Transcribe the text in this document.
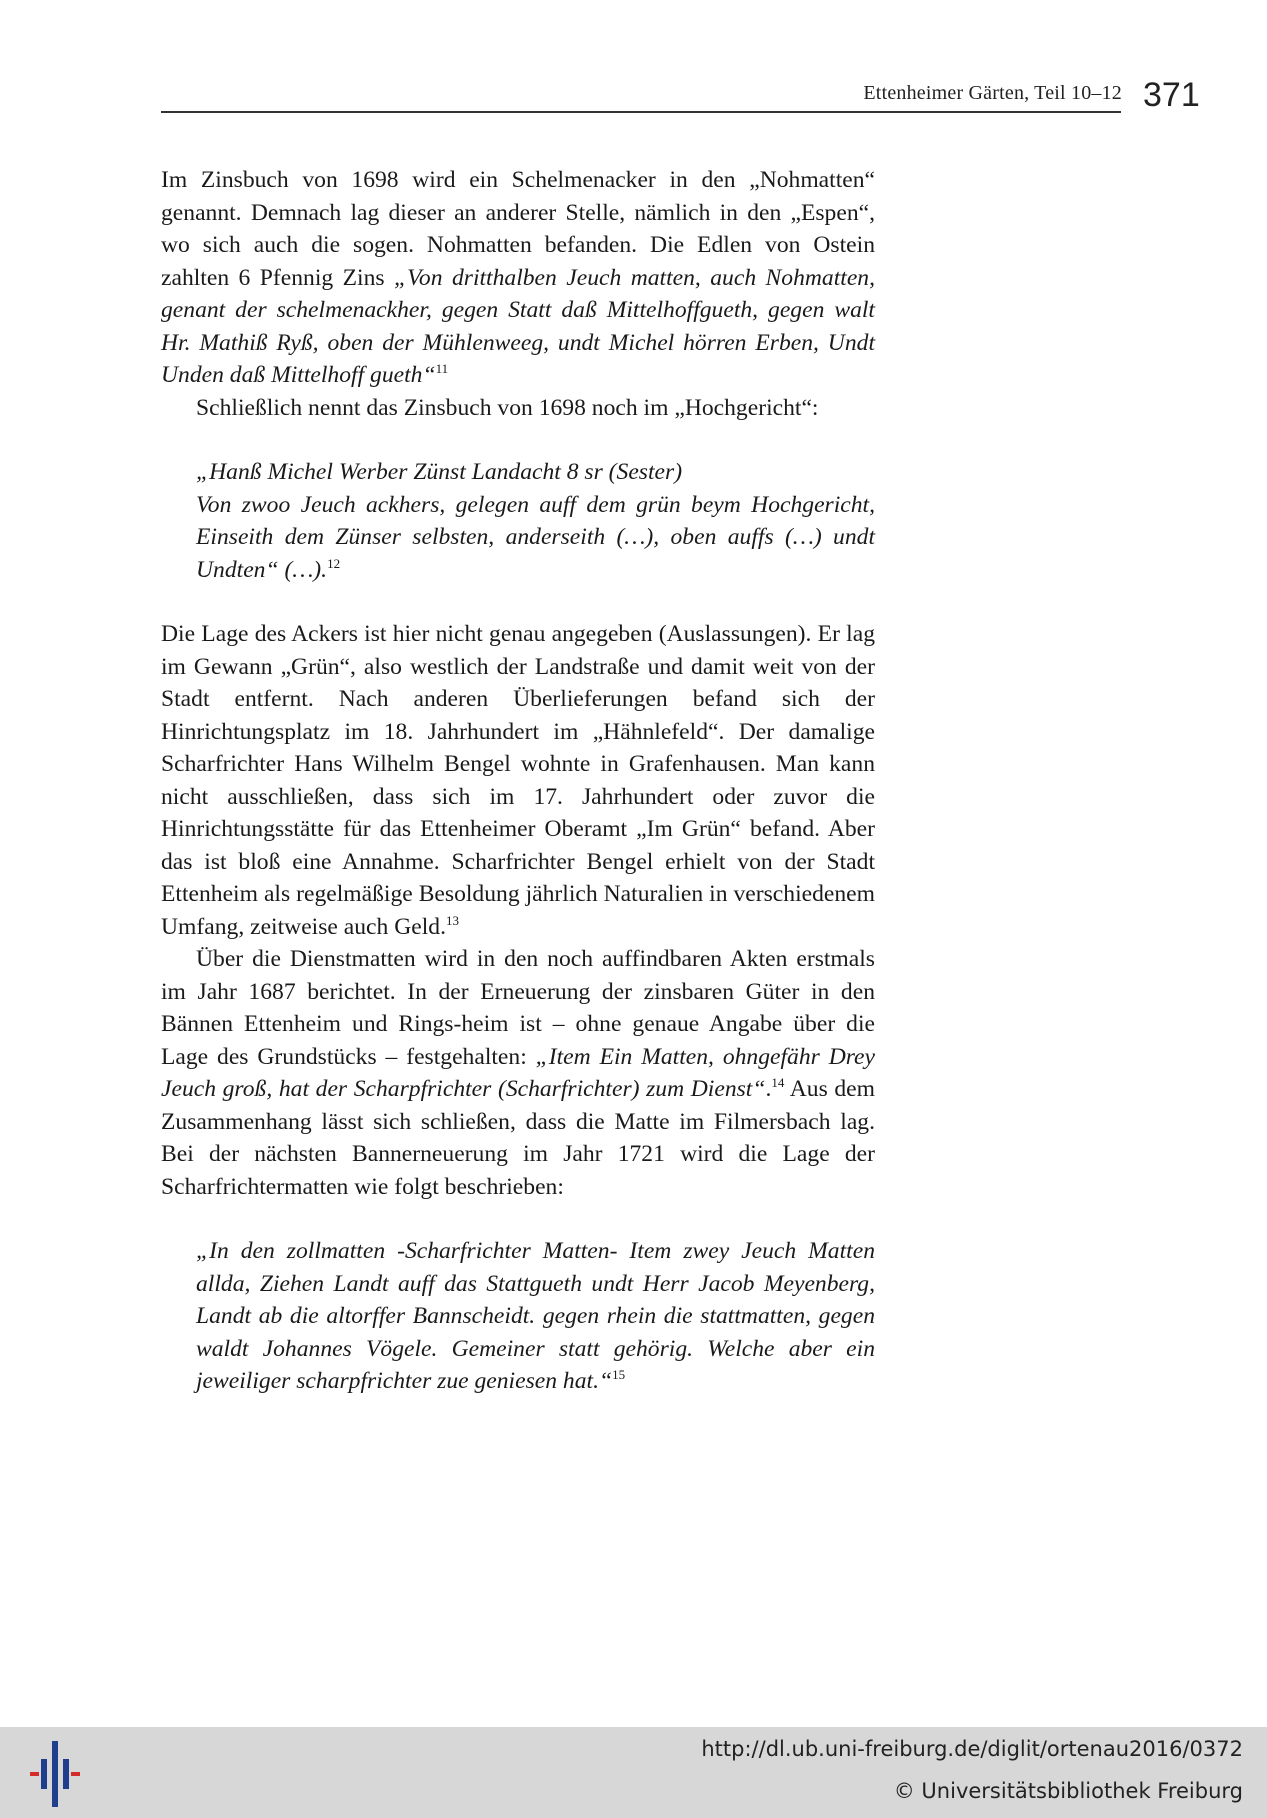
Ettenheimer Gärten, Teil 10–12 371

Im Zinsbuch von 1698 wird ein Schelmenacker in den „Nohmatten“ genannt. Demnach lag dieser an anderer Stelle, nämlich in den „Espen“, wo sich auch die sogen. Nohmatten befanden. Die Edlen von Ostein zahlten 6 Pfennig Zins „Von dritthalben Jeuch matten, auch Nohmatten, genant der schelmenackher, gegen Statt daß Mittelhoffgueth, gegen walt Hr. Mathiß Ryß, oben der Mühlenweeg, undt Michel hörren Erben, Undt Unden daß Mittelhoff gueth“$^{11}$

Schließlich nennt das Zinsbuch von 1698 noch im „Hochgericht“:

„Hanß Michel Werber Zünst Landacht 8 sr (Sester)

Von zwoo Jeuch ackhers, gelegen auff dem grün beym Hochgericht, Einseith dem Zünser selbsten, anderseith (…), oben auffs (…) undt Undten“ (…).$^{12}$

Die Lage des Ackers ist hier nicht genau angegeben (Auslassungen). Er lag im Gewann „Grün“, also westlich der Landstraße und damit weit von der Stadt entfernt. Nach anderen Überlieferungen befand sich der Hinrichtungsplatz im 18. Jahrhundert im „Hähnlefeld“. Der damalige Scharfrichter Hans Wilhelm Bengel wohnte in Grafenhausen. Man kann nicht ausschließen, dass sich im 17. Jahrhundert oder zuvor die Hinrichtungsstätte für das Ettenheimer Oberamt „Im Grün“ befand. Aber das ist bloß eine Annahme. Scharfrichter Bengel erhielt von der Stadt Ettenheim als regelmäßige Besoldung jährlich Naturalien in verschiedenem Umfang, zeitweise auch Geld.$^{13}$

Über die Dienstmatten wird in den noch auffindbaren Akten erstmals im Jahr 1687 berichtet. In der Erneuerung der zinsbaren Güter in den Bännen Ettenheim und Rings-heim ist – ohne genaue Angabe über die Lage des Grundstücks – festgehalten: „Item Ein Matten, ohngefähr Drey Jeuch groß, hat der Scharpfrichter (Scharfrichter) zum Dienst“.$^{14}$ Aus dem Zusammenhang lässt sich schließen, dass die Matte im Filmersbach lag. Bei der nächsten Bannerneuerung im Jahr 1721 wird die Lage der Scharfrichtermatten wie folgt beschrieben:

„In den zollmatten -Scharfrichter Matten- Item zwey Jeuch Matten allda, Ziehen Landt auff das Stattgueth undt Herr Jacob Meyenberg, Landt ab die altorffer Bannscheidt. gegen rhein die stattmatten, gegen waldt Johannes Vögele. Gemeiner statt gehörig. Welche aber ein jeweiliger scharpfrichter zue geniesen hat.“$^{15}$

http://dl.ub.uni-freiburg.de/diglit/ortenau2016/0372
© Universitätsbibliothek Freiburg
